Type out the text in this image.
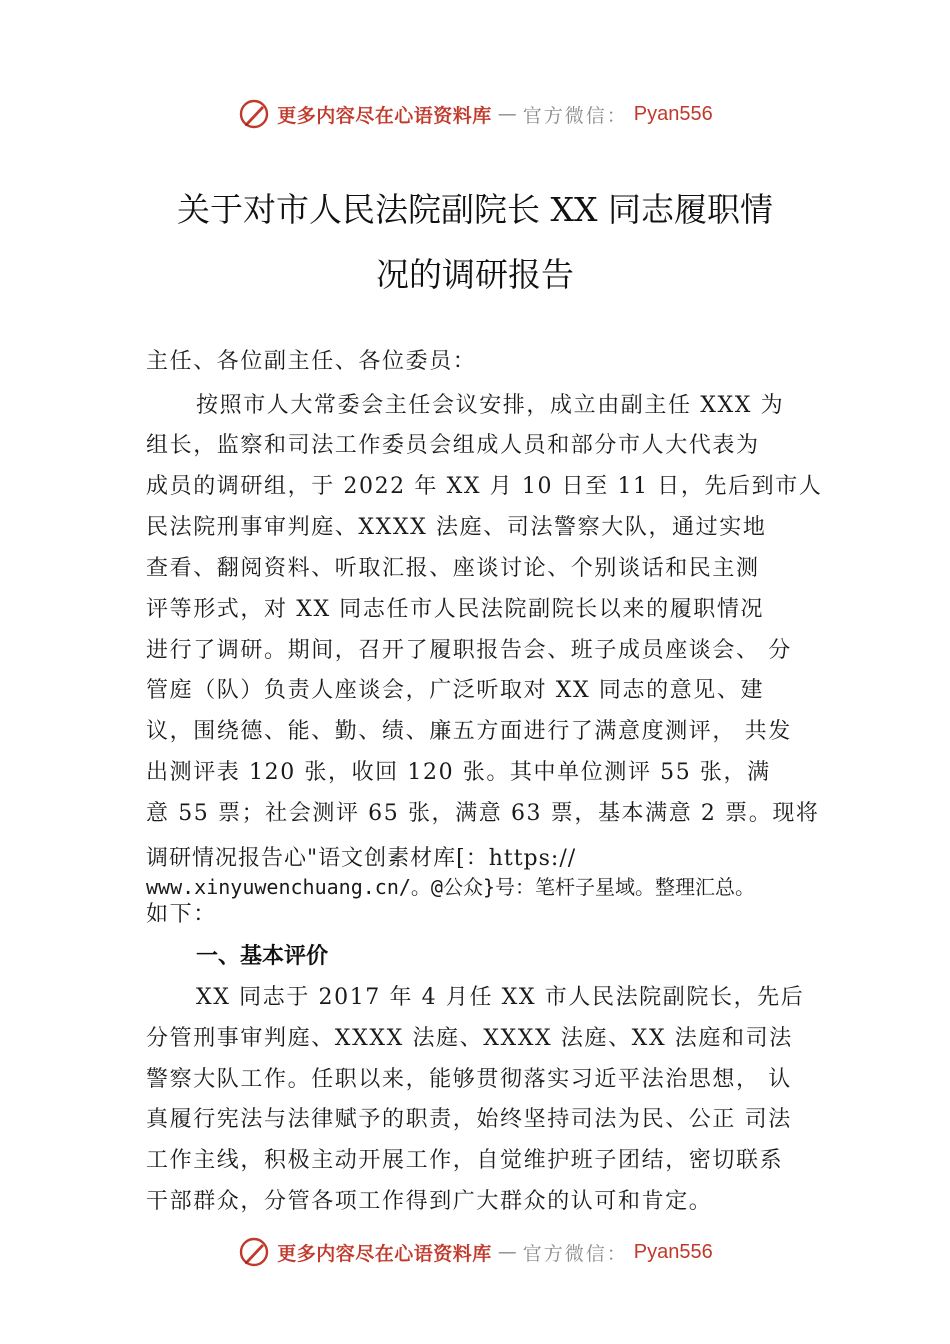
更多内容尽在心语资料库 — 官方微信： Pyan556
关于对市人民法院副院长 XX 同志履职情
况的调研报告
主任、各位副主任、各位委员：
按照市人大常委会主任会议安排，成立由副主任 XXX 为
组长，监察和司法工作委员会组成人员和部分市人大代表为
成员的调研组，于 2022 年 XX 月 10 日至 11 日，先后到市人
民法院刑事审判庭、XXXX 法庭、司法警察大队，通过实地
查看、翻阅资料、听取汇报、座谈讨论、个别谈话和民主测
评等形式，对 XX 同志任市人民法院副院长以来的履职情况
进行了调研。期间，召开了履职报告会、班子成员座谈会、 分
管庭（队）负责人座谈会，广泛听取对 XX 同志的意见、建
议，围绕德、能、勤、绩、廉五方面进行了满意度测评， 共发
出测评表 120 张，收回 120 张。其中单位测评 55 张，满
意 55 票；社会测评 65 张，满意 63 票，基本满意 2 票。现将
调研情况报告心"语文创素材库[：https://
www.xinyuwenchuang.cn/。@公众}号：笔杆子星域。整理汇总。
如下：
一、基本评价
XX 同志于 2017 年 4 月任 XX 市人民法院副院长，先后
分管刑事审判庭、XXXX 法庭、XXXX 法庭、XX 法庭和司法
警察大队工作。任职以来，能够贯彻落实习近平法治思想， 认
真履行宪法与法律赋予的职责，始终坚持司法为民、公正 司法
工作主线，积极主动开展工作，自觉维护班子团结，密切联系
干部群众，分管各项工作得到广大群众的认可和肯定。
更多内容尽在心语资料库 — 官方微信： Pyan556
